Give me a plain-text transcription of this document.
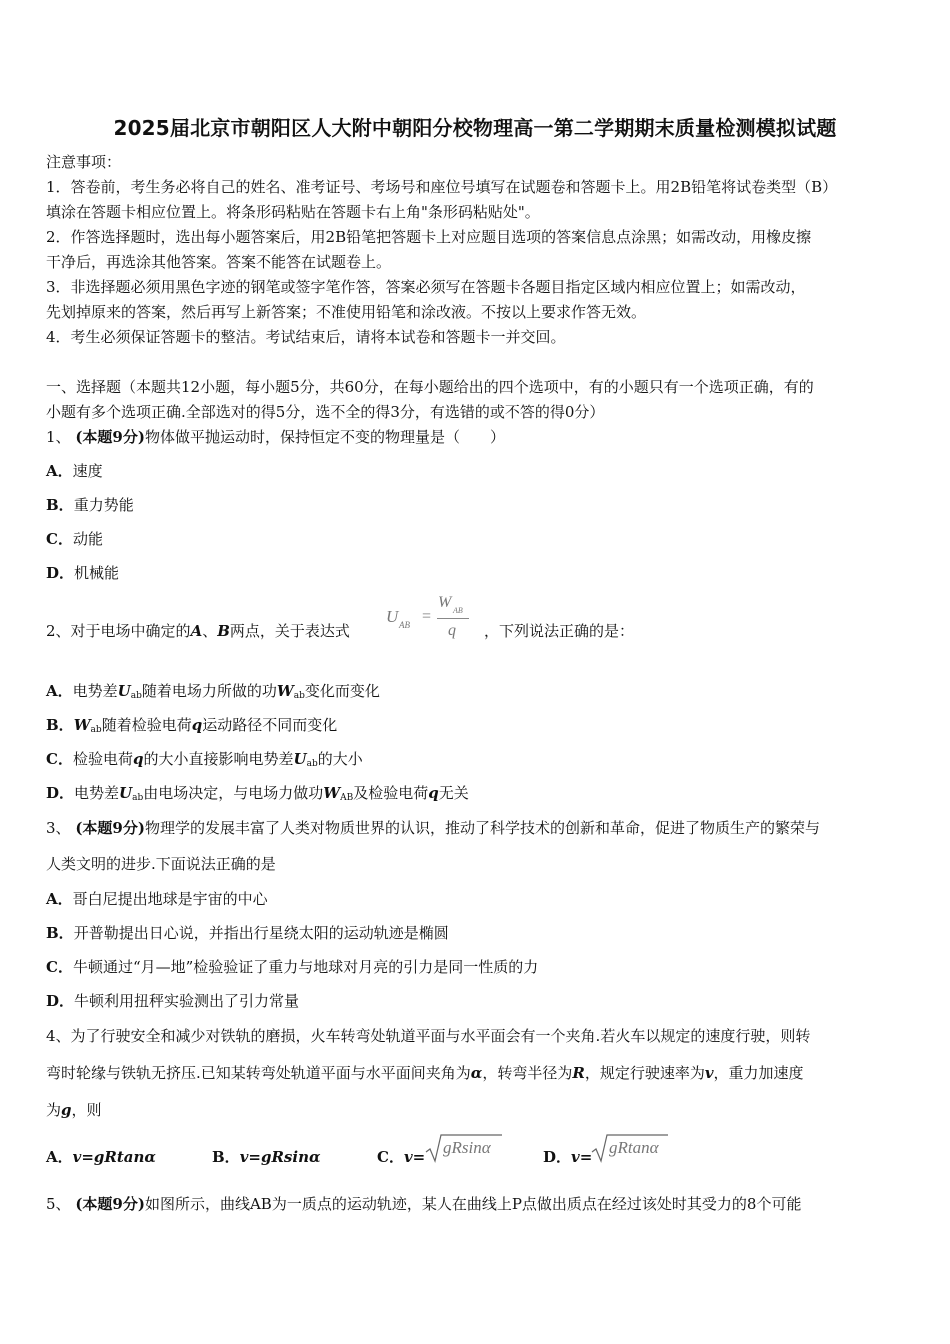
2025届北京市朝阳区人大附中朝阳分校物理高一第二学期期末质量检测模拟试题
注意事项：
1．答卷前，考生务必将自己的姓名、准考证号、考场号和座位号填写在试题卷和答题卡上。用2B铅笔将试卷类型（B）
填涂在答题卡相应位置上。将条形码粘贴在答题卡右上角"条形码粘贴处"。
2．作答选择题时，选出每小题答案后，用2B铅笔把答题卡上对应题目选项的答案信息点涂黑；如需改动，用橡皮擦
干净后，再选涂其他答案。答案不能答在试题卷上。
3．非选择题必须用黑色字迹的钢笔或签字笔作答，答案必须写在答题卡各题目指定区域内相应位置上；如需改动，
先划掉原来的答案，然后再写上新答案；不准使用铅笔和涂改液。不按以上要求作答无效。
4．考生必须保证答题卡的整洁。考试结束后，请将本试卷和答题卡一并交回。
一、选择题（本题共12小题，每小题5分，共60分，在每小题给出的四个选项中，有的小题只有一个选项正确，有的
小题有多个选项正确.全部选对的得5分，选不全的得3分，有选错的或不答的得0分）
1、 (本题9分)物体做平抛运动时，保持恒定不变的物理量是（　　）
A．速度
B．重力势能
C．动能
D．机械能
2、对于电场中确定的A、B两点，关于表达式
U AB =
W AB
q ，下列说法正确的是：
A．电势差$U_{ab}$随着电场力所做的功$W_{ab}$变化而变化
B．$W_{ab}$随着检验电荷q运动路径不同而变化
C．检验电荷q的大小直接影响电势差$U_{ab}$的大小
D．电势差$U_{ab}$由电场决定，与电场力做功$W_{AB}$及检验电荷q无关
3、 (本题9分)物理学的发展丰富了人类对物质世界的认识，推动了科学技术的创新和革命，促进了物质生产的繁荣与
人类文明的进步.下面说法正确的是
A．哥白尼提出地球是宇宙的中心
B．开普勒提出日心说，并指出行星绕太阳的运动轨迹是椭圆
C．牛顿通过“月—地”检验验证了重力与地球对月亮的引力是同一性质的力
D．牛顿利用扭秤实验测出了引力常量
4、为了行驶安全和减少对铁轨的磨损，火车转弯处轨道平面与水平面会有一个夹角.若火车以规定的速度行驶，则转
弯时轮缘与铁轨无挤压.已知某转弯处轨道平面与水平面间夹角为α，转弯半径为R，规定行驶速率为v，重力加速度
为g，则
A．v=gRtanα	B．v=gRsinα	C．v= gRsinα	D．v= gRtanα
5、 (本题9分)如图所示，曲线AB为一质点的运动轨迹，某人在曲线上P点做出质点在经过该处时其受力的8个可能
